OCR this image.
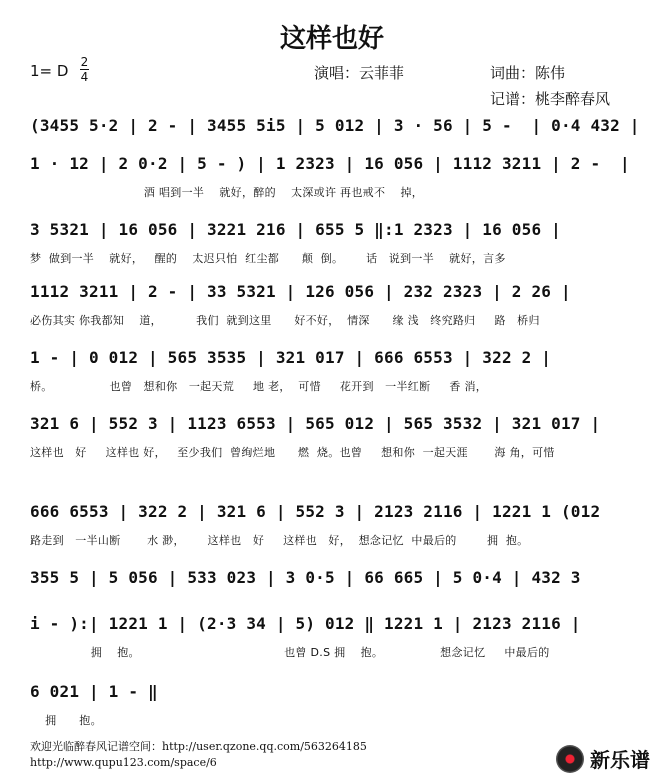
这样也好
1= D 2
4	演唱：云菲菲	词曲：陈伟
记谱：桃李醉春风
(3455 5·2 | 2 - | 3455 5i5 | 5 012 | 3 · 56 | 5 -  | 0·4 432 |
1 · 12 | 2 0·2 | 5 - ) | 1 2323 | 16 056 | 1112 3211 | 2 -  |
酒 唱到一半    就好，醉的    太深或许 再也戒不    掉，
3 5321 | 16 056 | 3221 216 | 655 5 ‖:1 2323 | 16 056 |
梦  做到一半    就好，   醒的    太迟只怕  红尘都      颠  倒。      话   说到一半    就好，言多
1112 3211 | 2 - | 33 5321 | 126 056 | 232 2323 | 2 26 |
必伤其实 你我都知    道，         我们  就到这里      好不好，  情深      缘 浅   终究路归     路   桥归
1 - | 0 012 | 565 3535 | 321 017 | 666 6553 | 322 2 |
桥。               也曾   想和你   一起天荒     地 老，  可惜     花开到   一半红断     香 消，
321 6 | 552 3 | 1123 6553 | 565 012 | 565 3532 | 321 017 |
这样也   好     这样也 好，   至少我们  曾绚烂地      燃  烧。也曾     想和你  一起天涯       海 角，可惜
666 6553 | 322 2 | 321 6 | 552 3 | 2123 2116 | 1221 1 (012
路走到   一半山断       水 渺，      这样也   好     这样也   好，  想念记忆  中最后的        拥  抱。
355 5 | 5 056 | 533 023 | 3 0·5 | 66 665 | 5 0·4 | 432 3
i - ):| 1221 1 | (2·3 34 | 5) 012 ‖ 1221 1 | 2123 2116 |
拥    抱。                                      也曾 D.S 拥    抱。               想念记忆     中最后的
6 021 | 1 - ‖
拥      抱。
欢迎光临醉春风记谱空间：http://user.qzone.qq.com/563264185
http://www.qupu123.com/space/6	新乐谱
